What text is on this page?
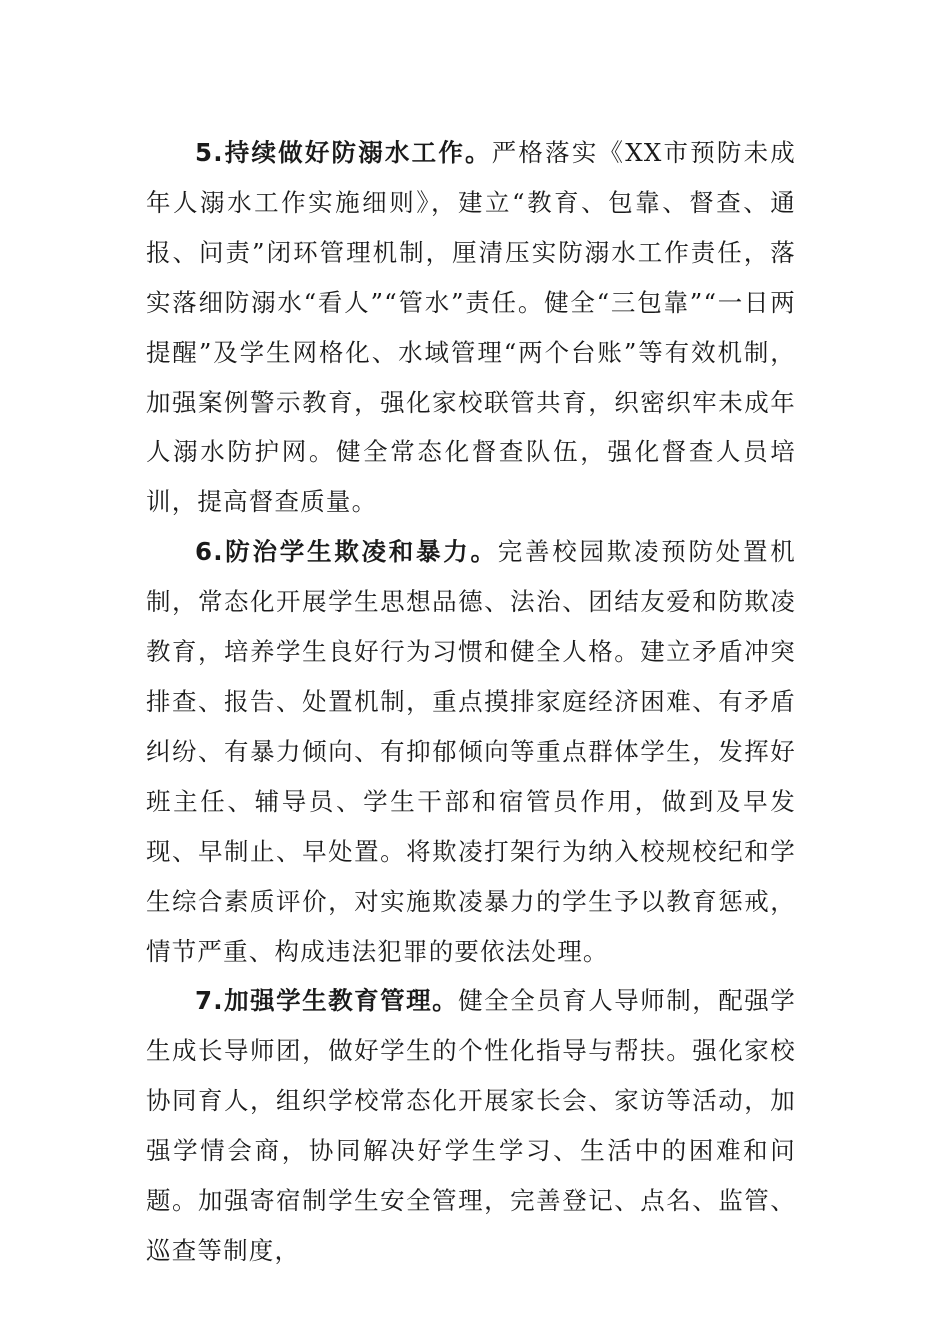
5.持续做好防溺水工作。严格落实《XX市预防未成年人溺水工作实施细则》，建立“教育、包靠、督查、通报、问责”闭环管理机制，厘清压实防溺水工作责任，落实落细防溺水“看人”“管水”责任。健全“三包靠”“一日两提醒”及学生网格化、水域管理“两个台账”等有效机制，加强案例警示教育，强化家校联管共育，织密织牢未成年人溺水防护网。健全常态化督查队伍，强化督查人员培训，提高督查质量。

6.防治学生欺凌和暴力。完善校园欺凌预防处置机制，常态化开展学生思想品德、法治、团结友爱和防欺凌教育，培养学生良好行为习惯和健全人格。建立矛盾冲突排查、报告、处置机制，重点摸排家庭经济困难、有矛盾纠纷、有暴力倾向、有抑郁倾向等重点群体学生，发挥好班主任、辅导员、学生干部和宿管员作用，做到及早发现、早制止、早处置。将欺凌打架行为纳入校规校纪和学生综合素质评价，对实施欺凌暴力的学生予以教育惩戒，情节严重、构成违法犯罪的要依法处理。

7.加强学生教育管理。健全全员育人导师制，配强学生成长导师团，做好学生的个性化指导与帮扶。强化家校协同育人，组织学校常态化开展家长会、家访等活动，加强学情会商，协同解决好学生学习、生活中的困难和问题。加强寄宿制学生安全管理，完善登记、点名、监管、巡查等制度，
